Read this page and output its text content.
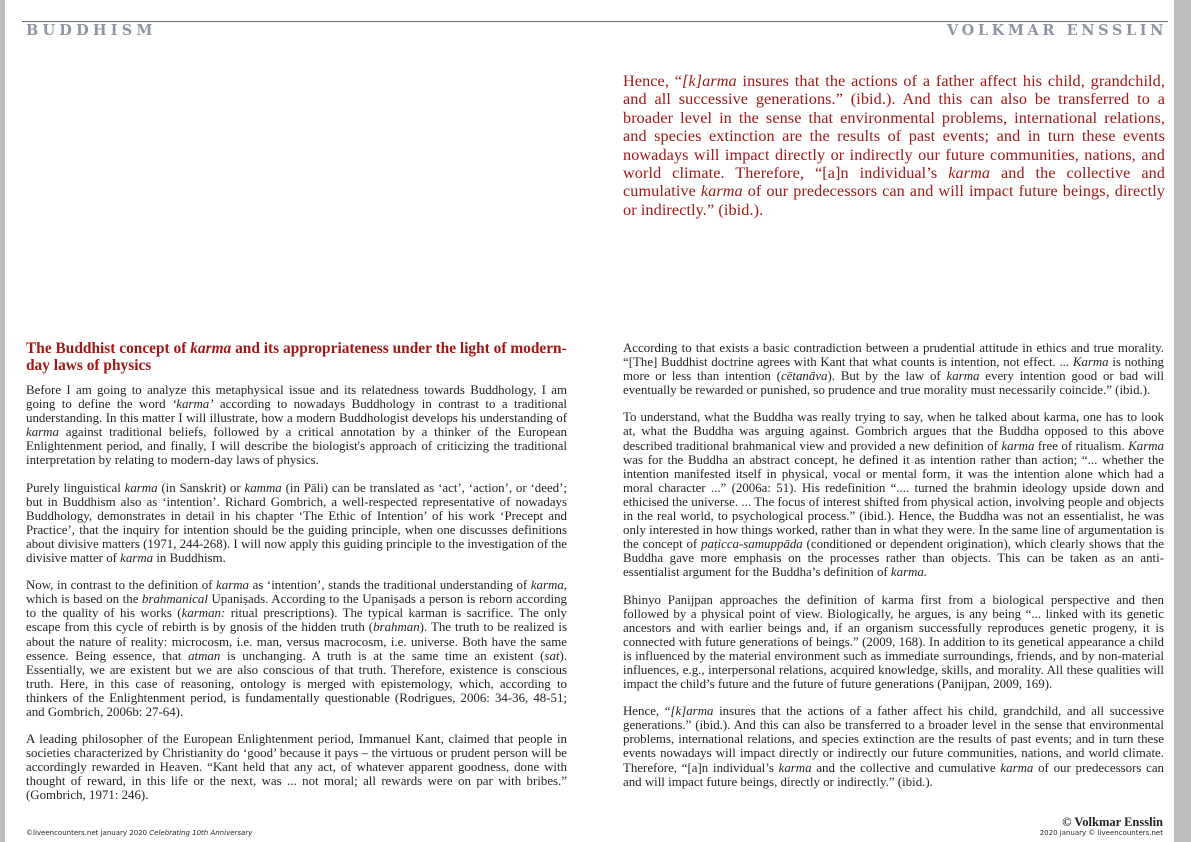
BUDDHISM	VOLKMAR ENSSLIN

Hence, “[k]arma insures that the actions of a father affect his child, grandchild, and all successive generations.” (ibid.). And this can also be transferred to a broader level in the sense that environmental problems, international relations, and species extinction are the results of past events; and in turn these events nowadays will impact directly or indirectly our future communities, nations, and world climate. Therefore, “[a]n individual’s karma and the collective and cumulative karma of our predecessors can and will impact future beings, directly or indirectly.” (ibid.).

The Buddhist concept of karma and its appropriateness under the light of modern-day laws of physics

Before I am going to analyze this metaphysical issue and its relatedness towards Buddhology, I am going to define the word ‘karma’ according to nowadays Buddhology in contrast to a traditional understanding. In this matter I will illustrate, how a modern Buddhologist develops his understanding of karma against traditional beliefs, followed by a critical annotation by a thinker of the European Enlightenment period, and finally, I will describe the biologist's approach of criticizing the traditional interpretation by relating to modern-day laws of physics.

Purely linguistical karma (in Sanskrit) or kamma (in Pāli) can be translated as ‘act’, ‘action’, or ‘deed’; but in Buddhism also as ‘intention’. Richard Gombrich, a well-respected representative of nowadays Buddhology, demonstrates in detail in his chapter ‘The Ethic of Intention’ of his work ‘Precept and Practice’, that the inquiry for intention should be the guiding principle, when one discusses definitions about divisive matters (1971, 244-268). I will now apply this guiding principle to the investigation of the divisive matter of karma in Buddhism.

Now, in contrast to the definition of karma as ‘intention’, stands the traditional understanding of karma, which is based on the brahmanical Upaniṣads. According to the Upaniṣads a person is reborn according to the quality of his works (karman: ritual prescriptions). The typical karman is sacrifice. The only escape from this cycle of rebirth is by gnosis of the hidden truth (brahman). The truth to be realized is about the nature of reality: microcosm, i.e. man, versus macrocosm, i.e. universe. Both have the same essence. Being essence, that atman is unchanging. A truth is at the same time an existent (sat). Essentially, we are existent but we are also conscious of that truth. Therefore, existence is conscious truth. Here, in this case of reasoning, ontology is merged with epistemology, which, according to thinkers of the Enlightenment period, is fundamentally questionable (Rodrigues, 2006: 34-36, 48-51; and Gombrich, 2006b: 27-64).

A leading philosopher of the European Enlightenment period, Immanuel Kant, claimed that people in societies characterized by Christianity do ‘good’ because it pays – the virtuous or prudent person will be accordingly rewarded in Heaven. “Kant held that any act, of whatever apparent goodness, done with thought of reward, in this life or the next, was ... not moral; all rewards were on par with bribes.” (Gombrich, 1971: 246).

According to that exists a basic contradiction between a prudential attitude in ethics and true morality. “[The] Buddhist doctrine agrees with Kant that what counts is intention, not effect. ... Karma is nothing more or less than intention (cētanāva). But by the law of karma every intention good or bad will eventually be rewarded or punished, so prudence and true morality must necessarily coincide.” (ibid.).

To understand, what the Buddha was really trying to say, when he talked about karma, one has to look at, what the Buddha was arguing against. Gombrich argues that the Buddha opposed to this above described traditional brahmanical view and provided a new definition of karma free of ritualism. Karma was for the Buddha an abstract concept, he defined it as intention rather than action; “... whether the intention manifested itself in physical, vocal or mental form, it was the intention alone which had a moral character ...” (2006a: 51). His redefinition “.... turned the brahmin ideology upside down and ethicised the universe. ... The focus of interest shifted from physical action, involving people and objects in the real world, to psychological process.” (ibid.). Hence, the Buddha was not an essentialist, he was only interested in how things worked, rather than in what they were. In the same line of argumentation is the concept of paṭicca-samuppāda (conditioned or dependent origination), which clearly shows that the Buddha gave more emphasis on the processes rather than objects. This can be taken as an anti-essentialist argument for the Buddha’s definition of karma.

Bhinyo Panijpan approaches the definition of karma first from a biological perspective and then followed by a physical point of view. Biologically, he argues, is any being “... linked with its genetic ancestors and with earlier beings and, if an organism successfully reproduces genetic progeny, it is connected with future generations of beings.” (2009, 168). In addition to its genetical appearance a child is influenced by the material environment such as immediate surroundings, friends, and by non-material influences, e.g., interpersonal relations, acquired knowledge, skills, and morality. All these qualities will impact the child’s future and the future of future generations (Panijpan, 2009, 169).

Hence, “[k]arma insures that the actions of a father affect his child, grandchild, and all successive generations.” (ibid.). And this can also be transferred to a broader level in the sense that environmental problems, international relations, and species extinction are the results of past events; and in turn these events nowadays will impact directly or indirectly our future communities, nations, and world climate. Therefore, “[a]n individual’s karma and the collective and cumulative karma of our predecessors can and will impact future beings, directly or indirectly.” (ibid.).

©liveencounters.net january 2020 Celebrating 10th Anniversary
© Volkmar Ensslin
2020 january © liveencounters.net
